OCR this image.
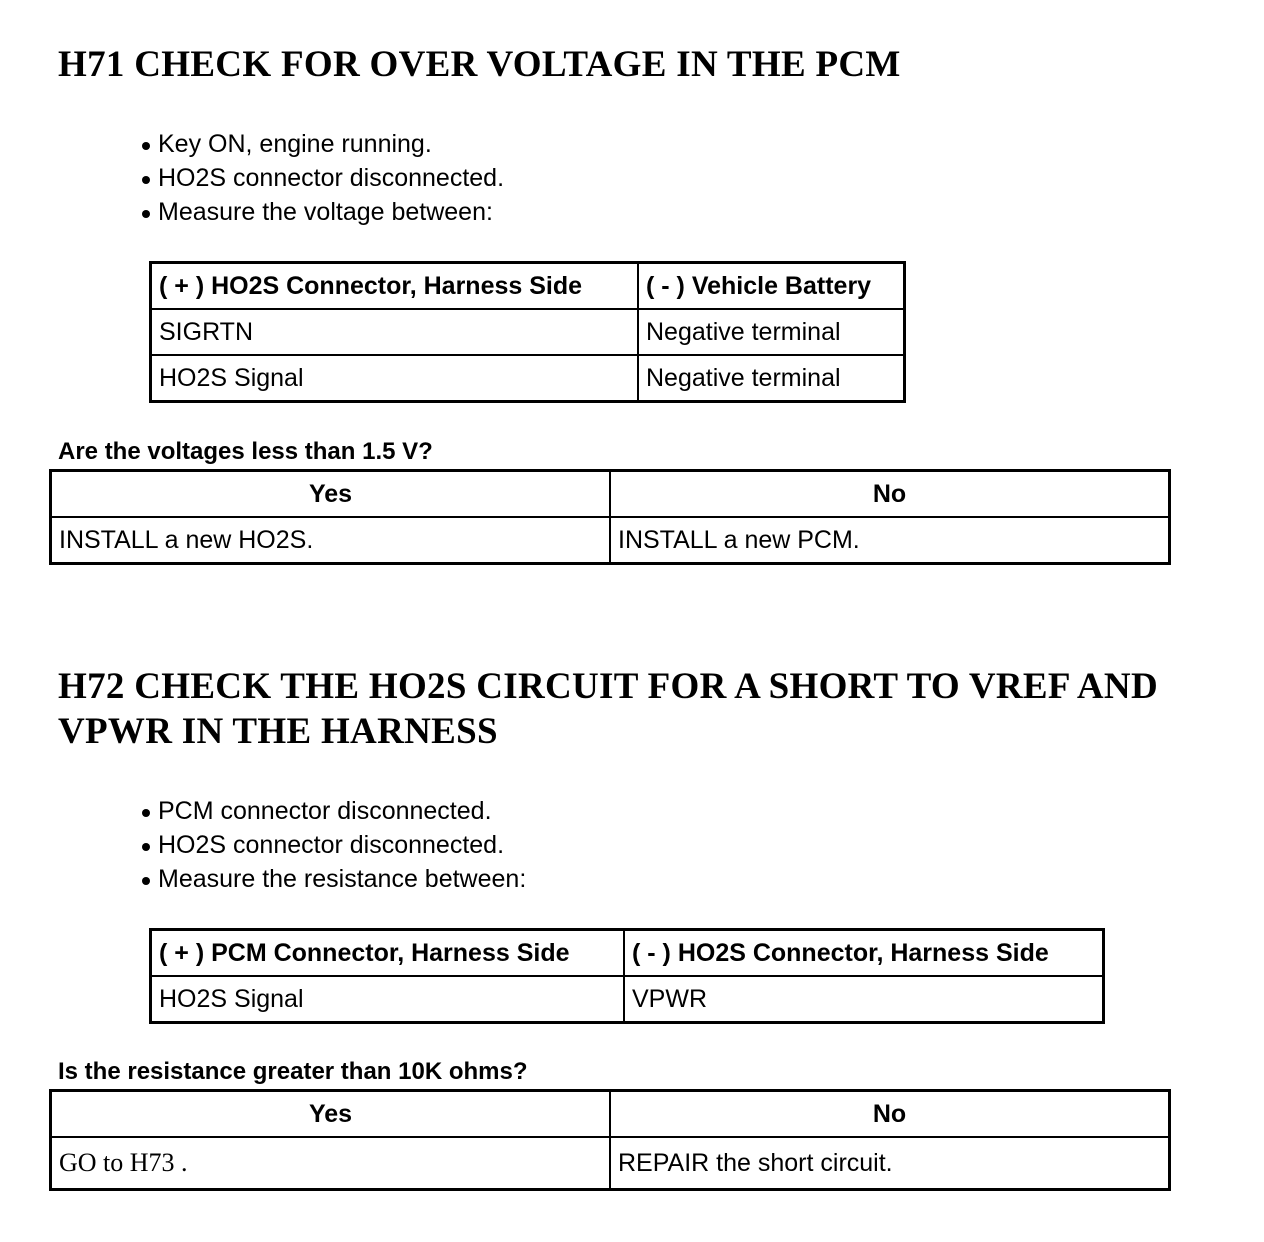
H71 CHECK FOR OVER VOLTAGE IN THE PCM
Key ON, engine running.
HO2S connector disconnected.
Measure the voltage between:
( + ) HO2S Connector, Harness Side	( - ) Vehicle Battery
SIGRTN	Negative terminal
HO2S Signal	Negative terminal

Are the voltages less than 1.5 V?

Yes	No
INSTALL a new HO2S.	INSTALL a new PCM.
H72 CHECK THE HO2S CIRCUIT FOR A SHORT TO VREF AND
VPWR IN THE HARNESS
PCM connector disconnected.
HO2S connector disconnected.
Measure the resistance between:
( + ) PCM Connector, Harness Side	( - ) HO2S Connector, Harness Side
HO2S Signal	VPWR

Is the resistance greater than 10K ohms?

Yes	No
GO to H73 .	REPAIR the short circuit.
